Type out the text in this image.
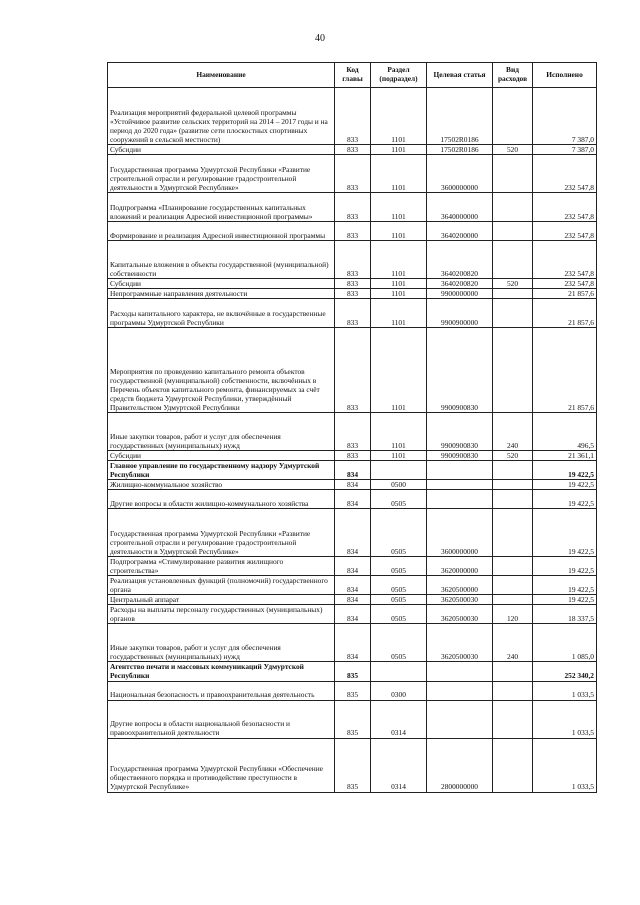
40
Наименование	Код главы	Раздел (подраздел)	Целевая статья	Вид расходов	Исполнено
Реализация мероприятий федеральной целевой программы «Устойчивое развитие сельских территорий на 2014 – 2017 годы и на период до 2020 года» (развитие сети плоскостных спортивных сооружений в сельской местности)	833	1101	17502R0186		7 387,0
Субсидии	833	1101	17502R0186	520	7 387,0
Государственная программа Удмуртской Республики «Развитие строительной отрасли и регулирование градостроительной деятельности в Удмуртской Республике»	833	1101	3600000000		232 547,8
Подпрограмма «Планирование государственных капитальных вложений и реализация Адресной инвестиционной программы»	833	1101	3640000000		232 547,8
Формирование и реализация Адресной инвестиционной программы	833	1101	3640200000		232 547,8
Капитальные вложения в объекты государственной (муниципальной) собственности	833	1101	3640200820		232 547,8
Субсидии	833	1101	3640200820	520	232 547,8
Непрограммные направления деятельности	833	1101	9900000000		21 857,6
Расходы капитального характера, не включённые в государственные программы Удмуртской Республики	833	1101	9900900000		21 857,6
Мероприятия по проведению капитального ремонта объектов государственной (муниципальной) собственности, включённых в Перечень объектов капитального ремонта, финансируемых за счёт средств бюджета Удмуртской Республики, утверждённый Правительством Удмуртской Республики	833	1101	9900900830		21 857,6
Иные закупки товаров, работ и услуг для обеспечения государственных (муниципальных) нужд	833	1101	9900900830	240	496,5
Субсидии	833	1101	9900900830	520	21 361,1
Главное управление по государственному надзору Удмуртской Республики	834				19 422,5
Жилищно-коммунальное хозяйство	834	0500			19 422,5
Другие вопросы в области жилищно-коммунального хозяйства	834	0505			19 422,5
Государственная программа Удмуртской Республики «Развитие строительной отрасли и регулирование градостроительной деятельности в Удмуртской Республике»	834	0505	3600000000		19 422,5
Подпрограмма «Стимулирование развития жилищного строительства»	834	0505	3620000000		19 422,5
Реализация установленных функций (полномочий) государственного органа	834	0505	3620500000		19 422,5
Центральный аппарат	834	0505	3620500030		19 422,5
Расходы на выплаты персоналу государственных (муниципальных) органов	834	0505	3620500030	120	18 337,5
Иные закупки товаров, работ и услуг для обеспечения государственных (муниципальных) нужд	834	0505	3620500030	240	1 085,0
Агентство печати и массовых коммуникаций Удмуртской Республики	835				252 340,2
Национальная безопасность и правоохранительная деятельность	835	0300			1 033,5
Другие вопросы в области национальной безопасности и правоохранительной деятельности	835	0314			1 033,5
Государственная программа Удмуртской Республики «Обеспечение общественного порядка и противодействие преступности в Удмуртской Республике»	835	0314	2800000000		1 033,5
